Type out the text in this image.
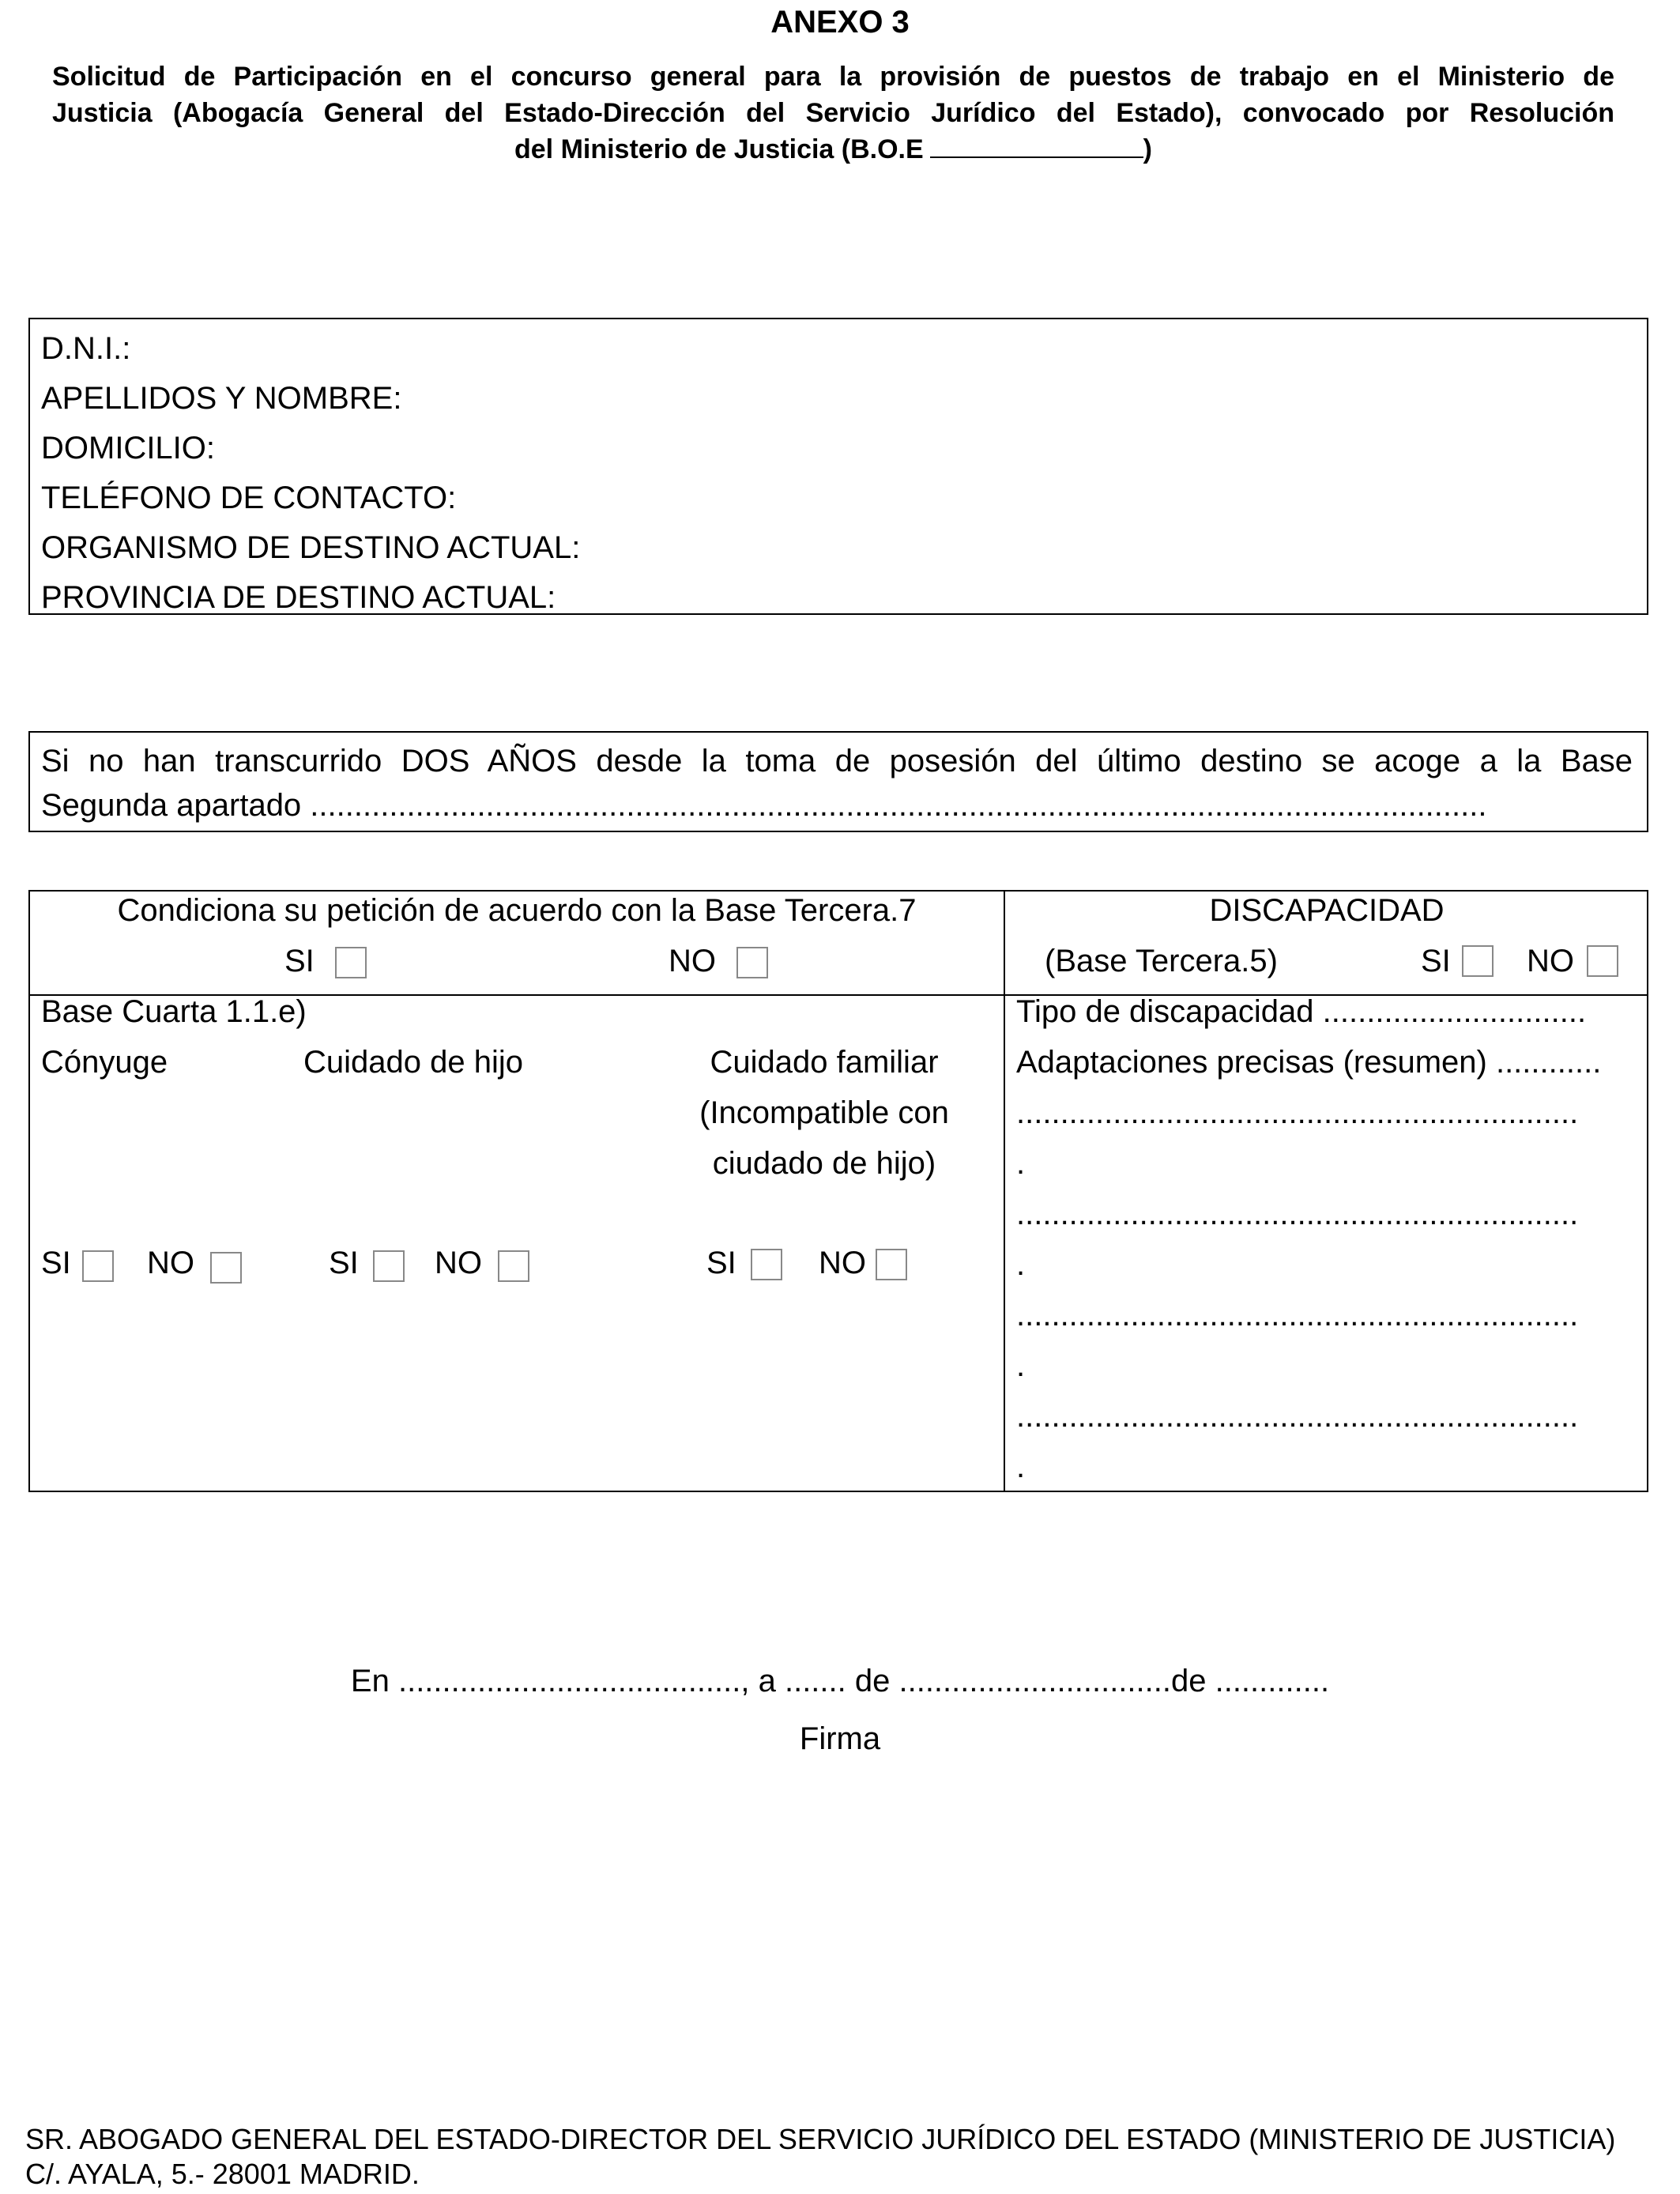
ANEXO 3
Solicitud de Participación en el concurso general para la provisión de puestos de trabajo en el Ministerio de
Justicia (Abogacía General del Estado-Dirección del Servicio Jurídico del Estado), convocado por Resolución
del Ministerio de Justicia (B.O.E	)
D.N.I.:
APELLIDOS Y NOMBRE:
DOMICILIO:
TELÉFONO DE CONTACTO:
ORGANISMO DE DESTINO ACTUAL:
PROVINCIA DE DESTINO ACTUAL:
Si no han transcurrido DOS AÑOS desde la toma de posesión del último destino se acoge a la Base
Segunda apartado ......................................................................................................................................
Condiciona su petición de acuerdo con la Base Tercera.7
SI	NO
DISCAPACIDAD
(Base Tercera.5)	SI NO
Base Cuarta 1.1.e)
Cónyuge	Cuidado de hijo	Cuidado familiar
(Incompatible con
ciudado de hijo)
SI NO	SI NO	SI	NO
Tipo de discapacidad ..............................
Adaptaciones precisas (resumen) ............
................................................................
.
................................................................
.
................................................................
.
................................................................
.
En ......................................., a ....... de ...............................de .............
Firma
SR. ABOGADO GENERAL DEL ESTADO-DIRECTOR DEL SERVICIO JURÍDICO DEL ESTADO (MINISTERIO DE JUSTICIA)
C/. AYALA, 5.- 28001 MADRID.
